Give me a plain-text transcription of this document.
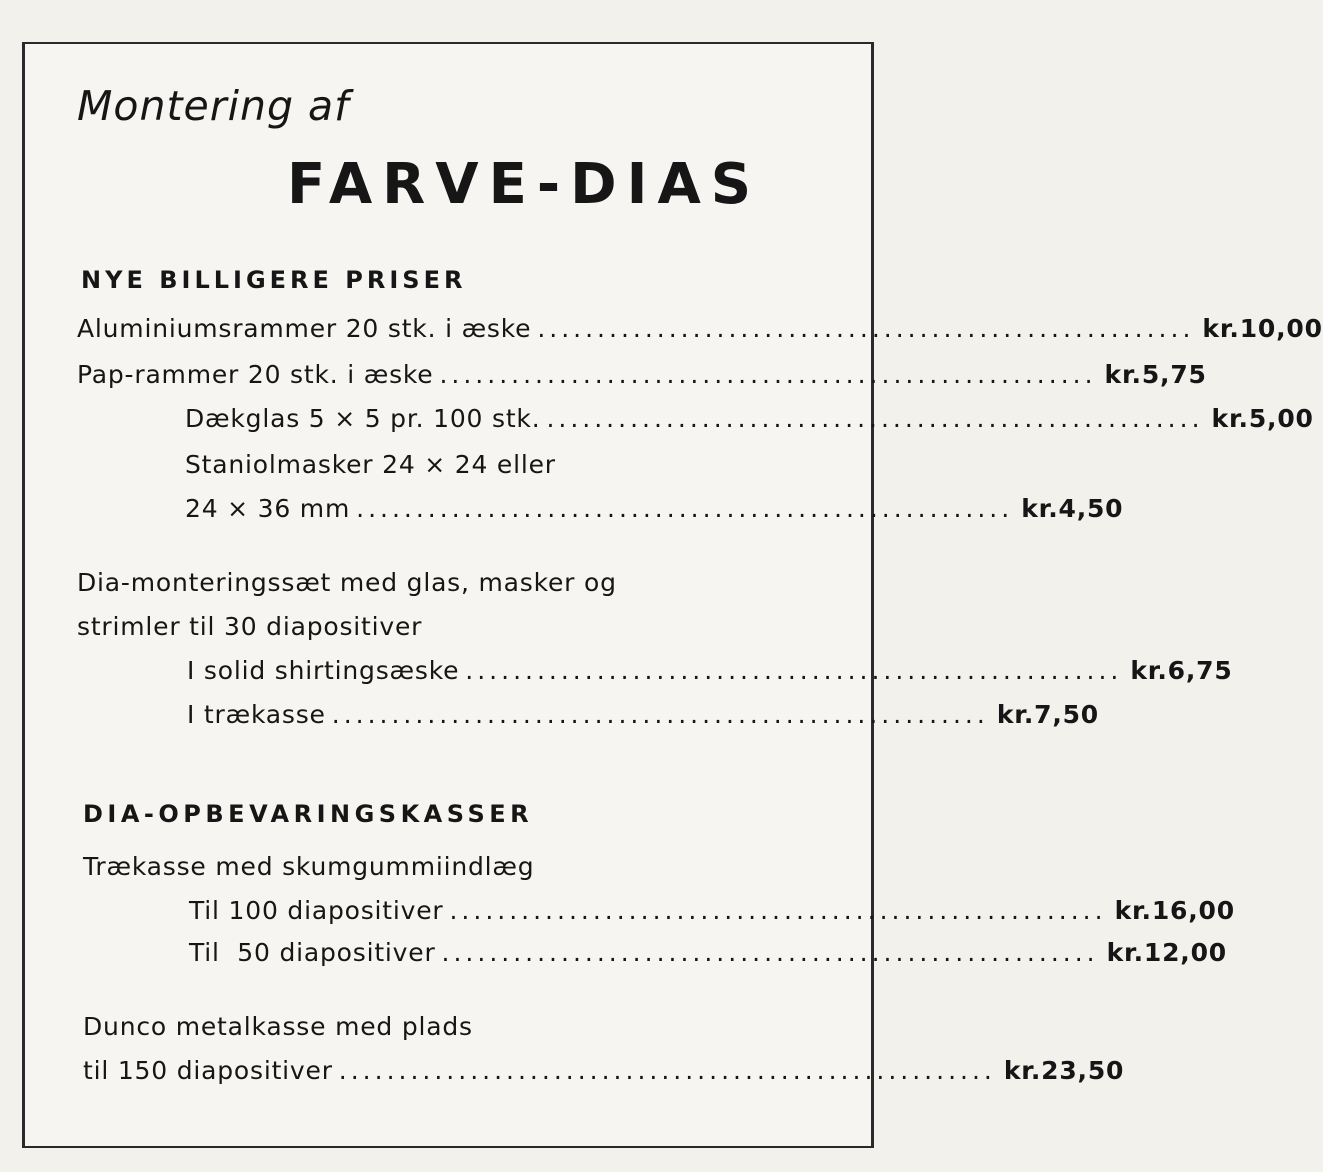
Montering af
FARVE-DIAS
NYE BILLIGERE PRISER
Aluminiumsrammer 20 stk. i æske ....................................................... kr. 10,00
Pap-rammer 20 stk. i æske ....................................................... kr. 5,75
Dækglas 5 × 5 pr. 100 stk. ....................................................... kr. 5,00
Staniolmasker 24 × 24 eller
24 × 36 mm ....................................................... kr. 4,50
Dia-monteringssæt med glas, masker og
strimler til 30 diapositiver
I solid shirtingsæske ....................................................... kr. 6,75
I trækasse ....................................................... kr. 7,50
DIA-OPBEVARINGSKASSER
Trækasse med skumgummiindlæg
Til 100 diapositiver ....................................................... kr. 16,00
Til  50 diapositiver ....................................................... kr. 12,00
Dunco metalkasse med plads
til 150 diapositiver ....................................................... kr. 23,50
